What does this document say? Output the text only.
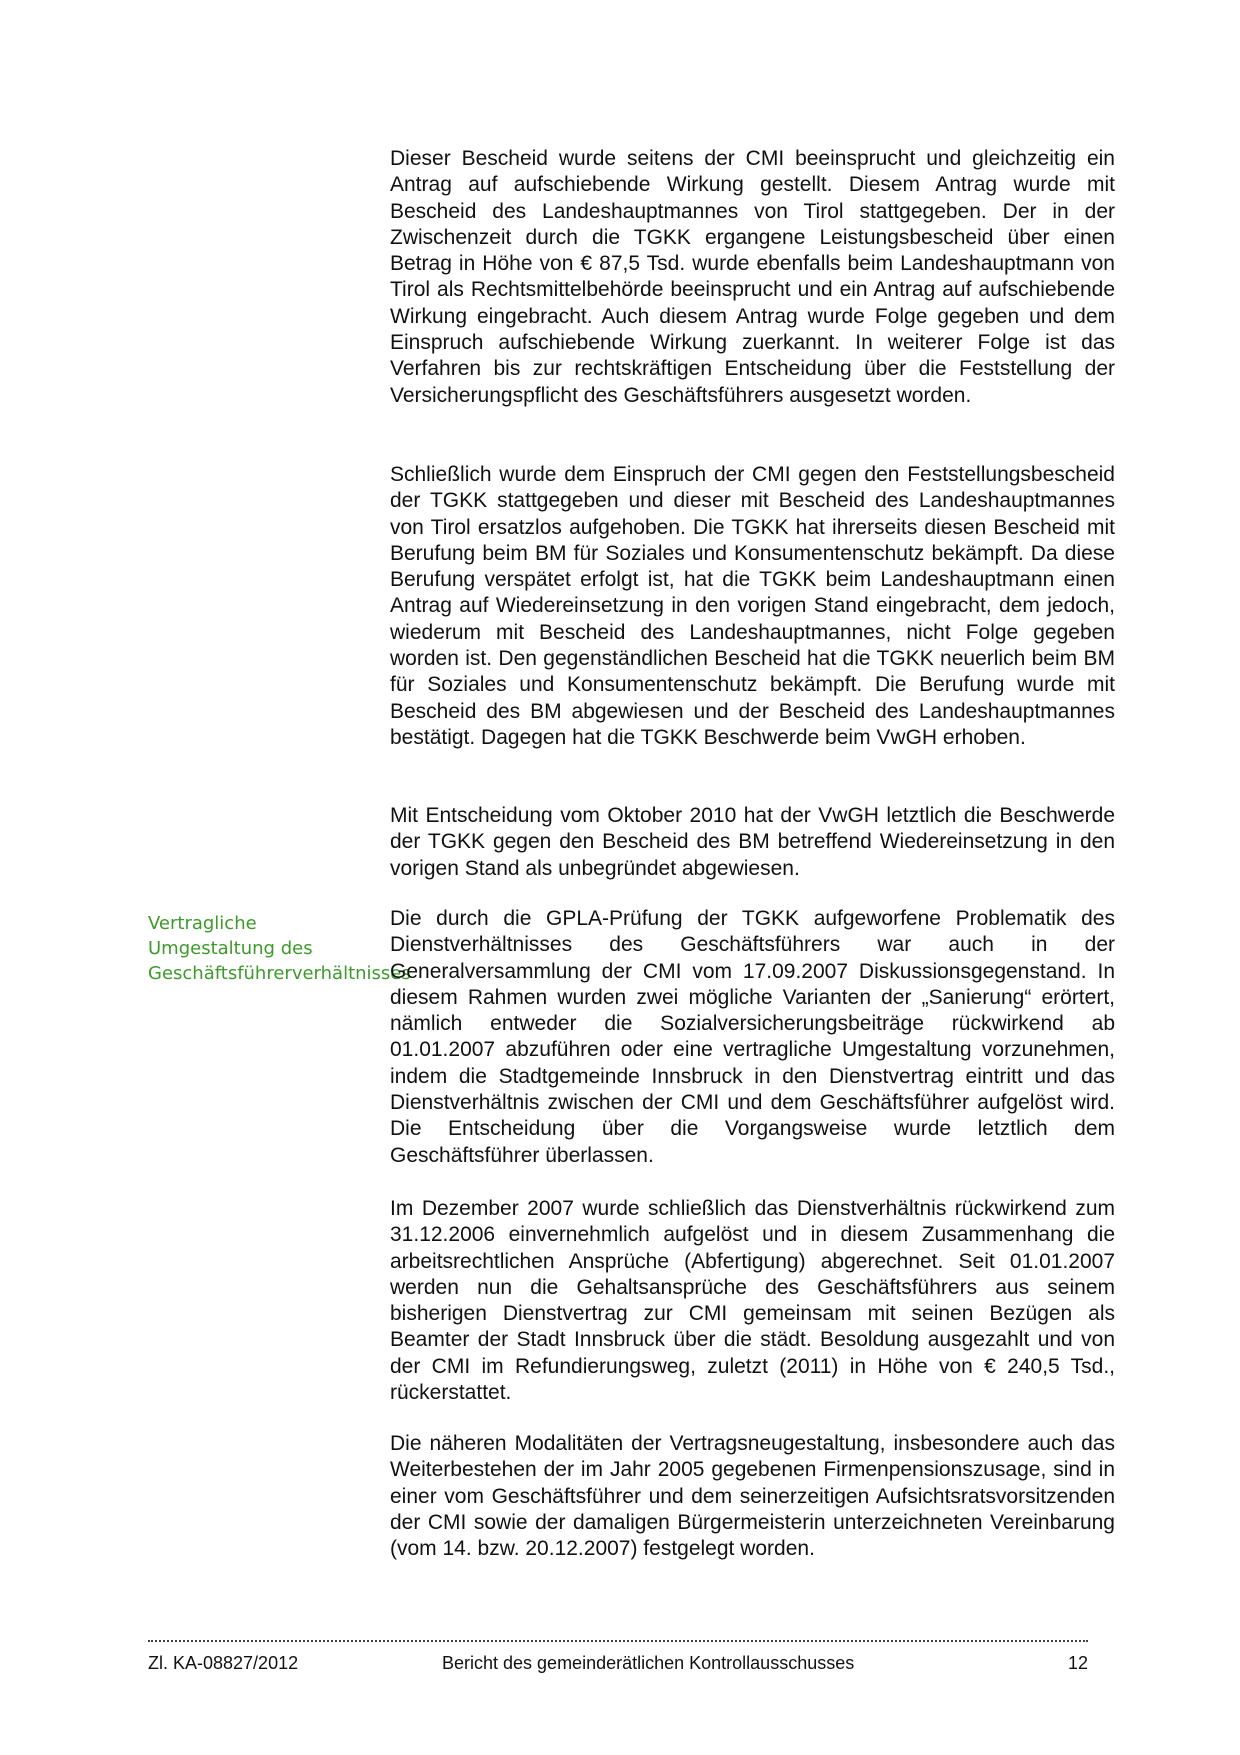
Dieser Bescheid wurde seitens der CMI beeinsprucht und gleichzeitig ein Antrag auf aufschiebende Wirkung gestellt. Diesem Antrag wurde mit Bescheid des Landeshauptmannes von Tirol stattgegeben. Der in der Zwischenzeit durch die TGKK ergangene Leistungsbescheid über einen Betrag in Höhe von € 87,5 Tsd. wurde ebenfalls beim Landeshauptmann von Tirol als Rechtsmittelbehörde beeinsprucht und ein Antrag auf aufschiebende Wirkung eingebracht. Auch diesem Antrag wurde Folge gegeben und dem Einspruch aufschiebende Wirkung zuerkannt. In weiterer Folge ist das Verfahren bis zur rechtskräftigen Entscheidung über die Feststellung der Versicherungspflicht des Geschäftsführers ausgesetzt worden.

Schließlich wurde dem Einspruch der CMI gegen den Feststellungsbescheid der TGKK stattgegeben und dieser mit Bescheid des Landeshauptmannes von Tirol ersatzlos aufgehoben. Die TGKK hat ihrerseits diesen Bescheid mit Berufung beim BM für Soziales und Konsumentenschutz bekämpft. Da diese Berufung verspätet erfolgt ist, hat die TGKK beim Landeshauptmann einen Antrag auf Wiedereinsetzung in den vorigen Stand eingebracht, dem jedoch, wiederum mit Bescheid des Landeshauptmannes, nicht Folge gegeben worden ist. Den gegenständlichen Bescheid hat die TGKK neuerlich beim BM für Soziales und Konsumentenschutz bekämpft. Die Berufung wurde mit Bescheid des BM abgewiesen und der Bescheid des Landeshauptmannes bestätigt. Dagegen hat die TGKK Beschwerde beim VwGH erhoben.

Mit Entscheidung vom Oktober 2010 hat der VwGH letztlich die Beschwerde der TGKK gegen den Bescheid des BM betreffend Wiedereinsetzung in den vorigen Stand als unbegründet abgewiesen.

Vertragliche Umgestaltung des Geschäftsführerverhältnisses

Die durch die GPLA-Prüfung der TGKK aufgeworfene Problematik des Dienstverhältnisses des Geschäftsführers war auch in der Generalversammlung der CMI vom 17.09.2007 Diskussionsgegenstand. In diesem Rahmen wurden zwei mögliche Varianten der „Sanierung“ erörtert, nämlich entweder die Sozialversicherungsbeiträge rückwirkend ab 01.01.2007 abzuführen oder eine vertragliche Umgestaltung vorzunehmen, indem die Stadtgemeinde Innsbruck in den Dienstvertrag eintritt und das Dienstverhältnis zwischen der CMI und dem Geschäftsführer aufgelöst wird. Die Entscheidung über die Vorgangsweise wurde letztlich dem Geschäftsführer überlassen.

Im Dezember 2007 wurde schließlich das Dienstverhältnis rückwirkend zum 31.12.2006 einvernehmlich aufgelöst und in diesem Zusammenhang die arbeitsrechtlichen Ansprüche (Abfertigung) abgerechnet. Seit 01.01.2007 werden nun die Gehaltsansprüche des Geschäftsführers aus seinem bisherigen Dienstvertrag zur CMI gemeinsam mit seinen Bezügen als Beamter der Stadt Innsbruck über die städt. Besoldung ausgezahlt und von der CMI im Refundierungsweg, zuletzt (2011) in Höhe von € 240,5 Tsd., rückerstattet.

Die näheren Modalitäten der Vertragsneugestaltung, insbesondere auch das Weiterbestehen der im Jahr 2005 gegebenen Firmenpensionszusage, sind in einer vom Geschäftsführer und dem seinerzeitigen Aufsichtsratsvorsitzenden der CMI sowie der damaligen Bürgermeisterin unterzeichneten Vereinbarung (vom 14. bzw. 20.12.2007) festgelegt worden.

Zl. KA-08827/2012	Bericht des gemeinderätlichen Kontrollausschusses	12
